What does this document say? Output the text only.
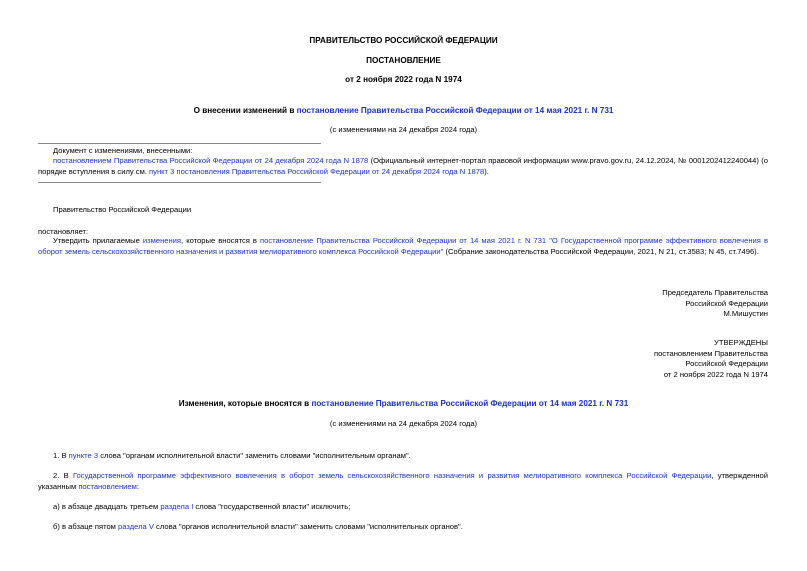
ПРАВИТЕЛЬСТВО РОССИЙСКОЙ ФЕДЕРАЦИИ
ПОСТАНОВЛЕНИЕ
от 2 ноября 2022 года N 1974
О внесении изменений в постановление Правительства Российской Федерации от 14 мая 2021 г. N 731
(с изменениями на 24 декабря 2024 года)
Документ с изменениями, внесенными:
постановлением Правительства Российской Федерации от 24 декабря 2024 года N 1878 (Официальный интернет-портал правовой информации www.pravo.gov.ru, 24.12.2024, № 0001202412240044) (о порядке вступления в силу см. пункт 3 постановления Правительства Российской Федерации от 24 декабря 2024 года N 1878).
Правительство Российской Федерации
постановляет:
Утвердить прилагаемые изменения, которые вносятся в постановление Правительства Российской Федерации от 14 мая 2021 г. N 731 "О Государственной программе эффективного вовлечения в оборот земель сельскохозяйственного назначения и развития мелиоративного комплекса Российской Федерации" (Собрание законодательства Российской Федерации, 2021, N 21, ст.3583; N 45, ст.7496).
Председатель Правительства
Российской Федерации
М.Мишустин
УТВЕРЖДЕНЫ
постановлением Правительства
Российской Федерации
от 2 ноября 2022 года N 1974
Изменения, которые вносятся в постановление Правительства Российской Федерации от 14 мая 2021 г. N 731
(с изменениями на 24 декабря 2024 года)
1. В пункте 3 слова "органам исполнительной власти" заменить словами "исполнительным органам".
2. В Государственной программе эффективного вовлечения в оборот земель сельскохозяйственного назначения и развития мелиоративного комплекса Российской Федерации, утвержденной указанным постановлением:
а) в абзаце двадцать третьем раздела I слова "государственной власти" исключить;
б) в абзаце пятом раздела V слова "органов исполнительной власти" заменить словами "исполнительных органов".
